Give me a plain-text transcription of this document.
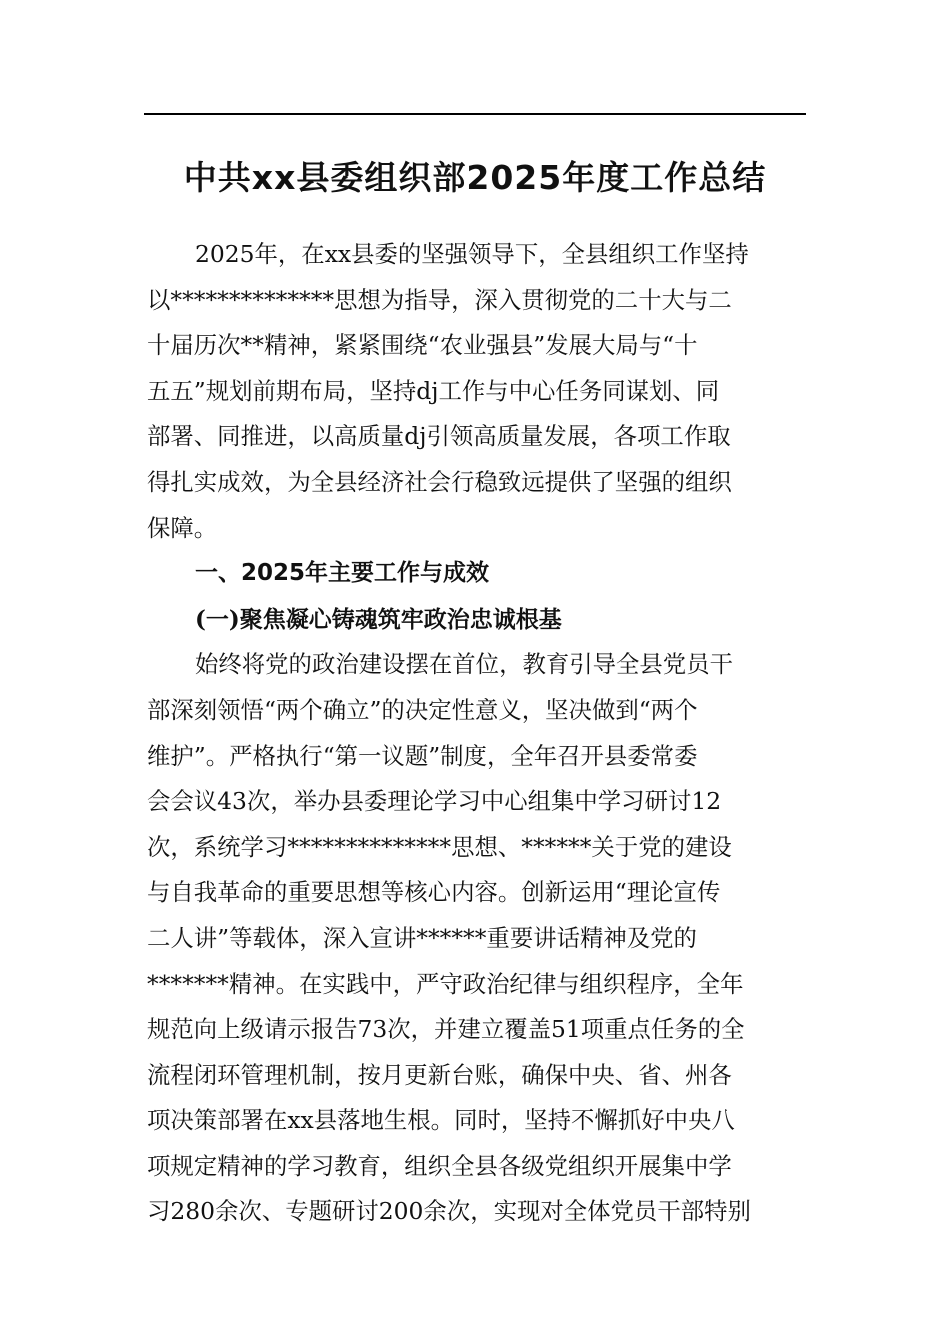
中共xx县委组织部2025年度工作总结
2025年，在xx县委的坚强领导下，全县组织工作坚持
以**************思想为指导，深入贯彻党的二十大与二
十届历次**精神，紧紧围绕“农业强县”发展大局与“十
五五”规划前期布局，坚持dj工作与中心任务同谋划、同
部署、同推进，以高质量dj引领高质量发展，各项工作取
得扎实成效，为全县经济社会行稳致远提供了坚强的组织
保障。
一、2025年主要工作与成效
(一)聚焦凝心铸魂筑牢政治忠诚根基
始终将党的政治建设摆在首位，教育引导全县党员干
部深刻领悟“两个确立”的决定性意义，坚决做到“两个
维护”。严格执行“第一议题”制度，全年召开县委常委
会会议43次，举办县委理论学习中心组集中学习研讨12
次，系统学习**************思想、******关于党的建设
与自我革命的重要思想等核心内容。创新运用“理论宣传
二人讲”等载体，深入宣讲******重要讲话精神及党的
*******精神。在实践中，严守政治纪律与组织程序，全年
规范向上级请示报告73次，并建立覆盖51项重点任务的全
流程闭环管理机制，按月更新台账，确保中央、省、州各
项决策部署在xx县落地生根。同时，坚持不懈抓好中央八
项规定精神的学习教育，组织全县各级党组织开展集中学
习280余次、专题研讨200余次，实现对全体党员干部特别
